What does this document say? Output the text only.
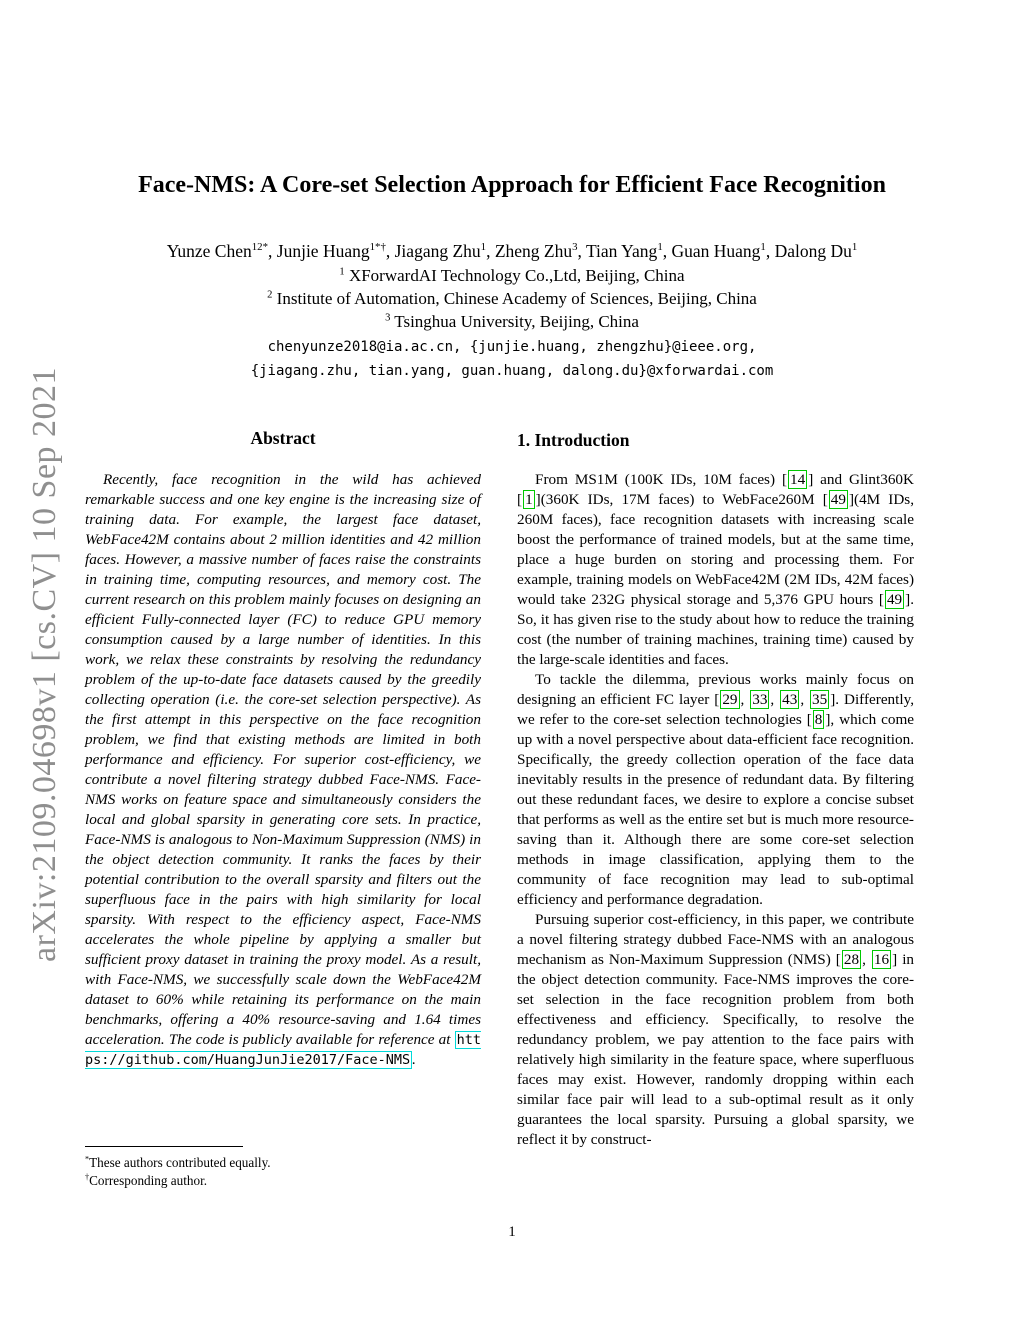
arXiv:2109.04698v1 [cs.CV] 10 Sep 2021
Face-NMS: A Core-set Selection Approach for Efficient Face Recognition
Yunze Chen$^{12*}$, Junjie Huang$^{1*\dagger}$, Jiagang Zhu$^1$, Zheng Zhu$^3$, Tian Yang$^1$, Guan Huang$^1$, Dalong Du$^1$
$^1$ XForwardAI Technology Co.,Ltd, Beijing, China
$^2$ Institute of Automation, Chinese Academy of Sciences, Beijing, China
$^3$ Tsinghua University, Beijing, China
chenyunze2018@ia.ac.cn, {junjie.huang, zhengzhu}@ieee.org,
{jiagang.zhu, tian.yang, guan.huang, dalong.du}@xforwardai.com
Abstract

Recently, face recognition in the wild has achieved remarkable success and one key engine is the increasing size of training data. For example, the largest face dataset, WebFace42M contains about 2 million identities and 42 million faces. However, a massive number of faces raise the constraints in training time, computing resources, and memory cost. The current research on this problem mainly focuses on designing an efficient Fully-connected layer (FC) to reduce GPU memory consumption caused by a large number of identities. In this work, we relax these constraints by resolving the redundancy problem of the up-to-date face datasets caused by the greedily collecting operation (i.e. the core-set selection perspective). As the first attempt in this perspective on the face recognition problem, we find that existing methods are limited in both performance and efficiency. For superior cost-efficiency, we contribute a novel filtering strategy dubbed Face-NMS. Face-NMS works on feature space and simultaneously considers the local and global sparsity in generating core sets. In practice, Face-NMS is analogous to Non-Maximum Suppression (NMS) in the object detection community. It ranks the faces by their potential contribution to the overall sparsity and filters out the superfluous face in the pairs with high similarity for local sparsity. With respect to the efficiency aspect, Face-NMS accelerates the whole pipeline by applying a smaller but sufficient proxy dataset in training the proxy model. As a result, with Face-NMS, we successfully scale down the WebFace42M dataset to 60% while retaining its performance on the main benchmarks, offering a 40% resource-saving and 1.64 times acceleration. The code is publicly available for reference at https://github.com/HuangJunJie2017/Face-NMS .

1. Introduction

From MS1M (100K IDs, 10M faces) [ 14 ] and Glint360K [ 1 ](360K IDs, 17M faces) to WebFace260M [ 49 ](4M IDs, 260M faces), face recognition datasets with increasing scale boost the performance of trained models, but at the same time, place a huge burden on storing and processing them. For example, training models on WebFace42M (2M IDs, 42M faces) would take 232G physical storage and 5,376 GPU hours [ 49 ]. So, it has given rise to the study about how to reduce the training cost (the number of training machines, training time) caused by the large-scale identities and faces.

To tackle the dilemma, previous works mainly focus on designing an efficient FC layer [ 29 , 33 , 43 , 35 ]. Differently, we refer to the core-set selection technologies [ 8 ], which come up with a novel perspective about data-efficient face recognition. Specifically, the greedy collection operation of the face data inevitably results in the presence of redundant data. By filtering out these redundant faces, we desire to explore a concise subset that performs as well as the entire set but is much more resource-saving than it. Although there are some core-set selection methods in image classification, applying them to the community of face recognition may lead to sub-optimal efficiency and performance degradation.

Pursuing superior cost-efficiency, in this paper, we contribute a novel filtering strategy dubbed Face-NMS with an analogous mechanism as Non-Maximum Suppression (NMS) [ 28 , 16 ] in the object detection community. Face-NMS improves the core-set selection in the face recognition problem from both effectiveness and efficiency. Specifically, to resolve the redundancy problem, we pay attention to the face pairs with relatively high similarity in the feature space, where superfluous faces may exist. However, randomly dropping within each similar face pair will lead to a sub-optimal result as it only guarantees the local sparsity. Pursuing a global sparsity, we reflect it by construct-

*These authors contributed equally.

†Corresponding author.

1
